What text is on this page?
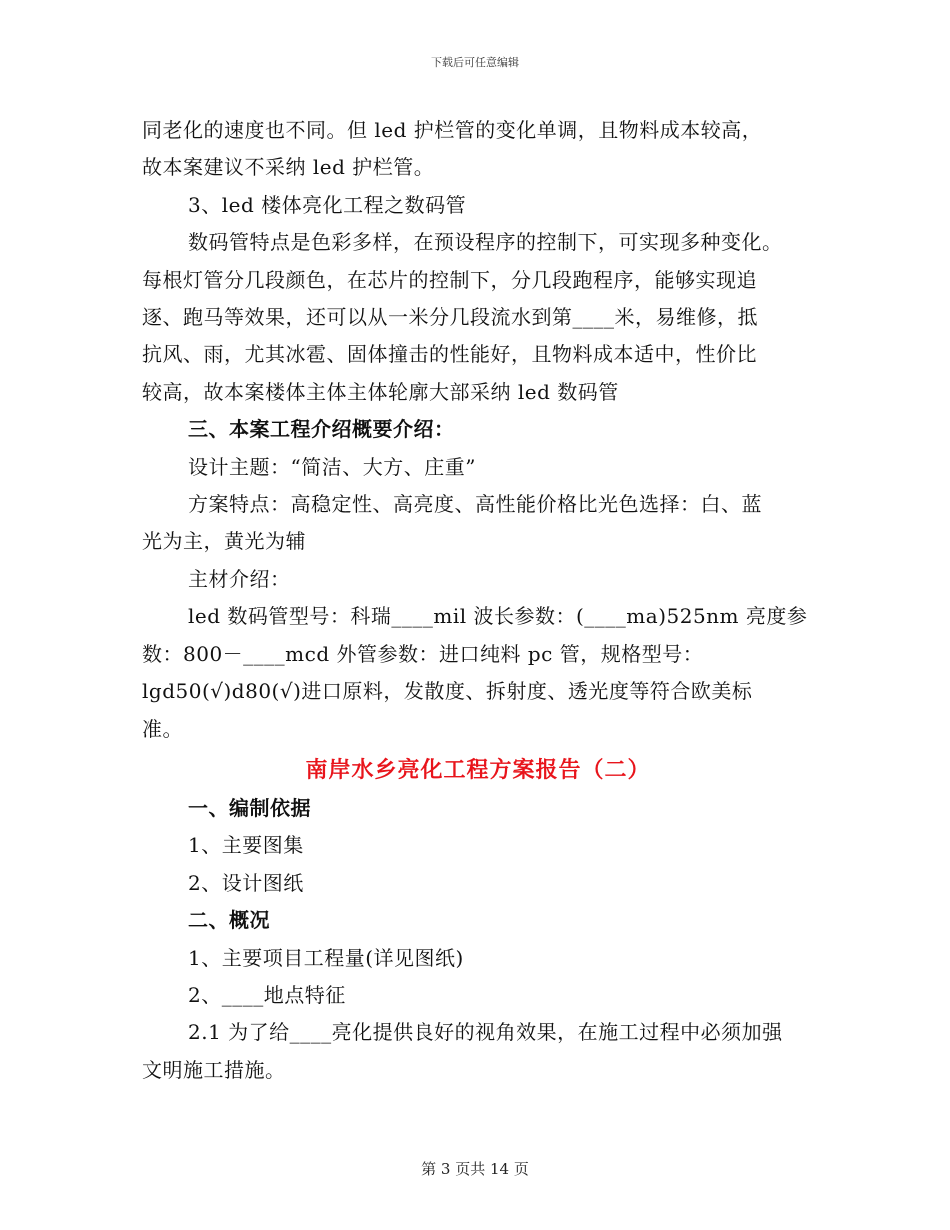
下载后可任意编辑

同老化的速度也不同。但 led 护栏管的变化单调，且物料成本较高，

故本案建议不采纳 led 护栏管。

3、led 楼体亮化工程之数码管

数码管特点是色彩多样，在预设程序的控制下，可实现多种变化。

每根灯管分几段颜色，在芯片的控制下，分几段跑程序，能够实现追

逐、跑马等效果，还可以从一米分几段流水到第____米，易维修，抵

抗风、雨，尤其冰雹、固体撞击的性能好，且物料成本适中，性价比

较高，故本案楼体主体主体轮廓大部采纳 led 数码管

三、本案工程介绍概要介绍：

设计主题：“简洁、大方、庄重”

方案特点：高稳定性、高亮度、高性能价格比光色选择：白、蓝

光为主，黄光为辅

主材介绍：

led 数码管型号：科瑞____mil 波长参数：(____ma)525nm 亮度参

数：800－____mcd 外管参数：进口纯料 pc 管，规格型号：

lgd50(√)d80(√)进口原料，发散度、拆射度、透光度等符合欧美标

准。

南岸水乡亮化工程方案报告（二）

一、编制依据

1、主要图集

2、设计图纸

二、概况

1、主要项目工程量(详见图纸)

2、____地点特征

2.1 为了给____亮化提供良好的视角效果，在施工过程中必须加强

文明施工措施。

第 3 页共 14 页
